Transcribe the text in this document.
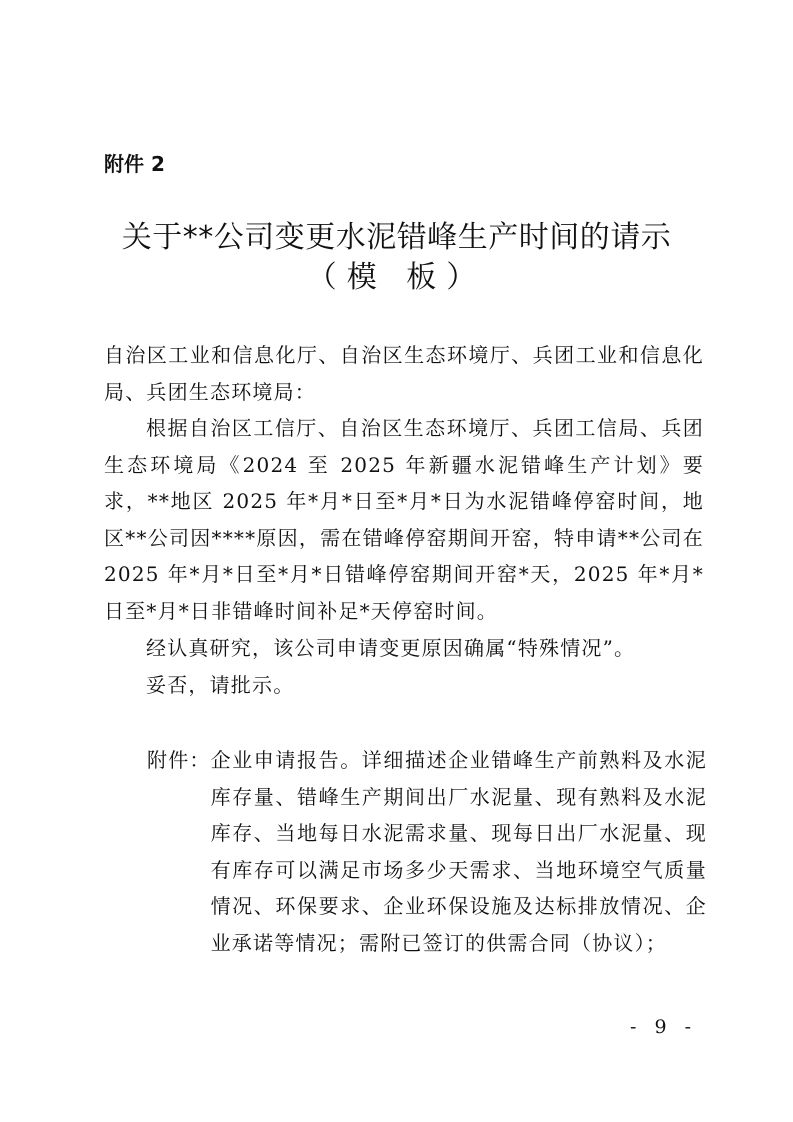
附件 2
关于**公司变更水泥错峰生产时间的请示
（模 板）

自治区工业和信息化厅、自治区生态环境厅、兵团工业和信息化局、兵团生态环境局：

根据自治区工信厅、自治区生态环境厅、兵团工信局、兵团生态环境局《2024 至 2025 年新疆水泥错峰生产计划》要求，**地区 2025 年*月*日至*月*日为水泥错峰停窑时间，地区**公司因****原因，需在错峰停窑期间开窑，特申请**公司在 2025 年*月*日至*月*日错峰停窑期间开窑*天，2025 年*月*日至*月*日非错峰时间补足*天停窑时间。

经认真研究，该公司申请变更原因确属“特殊情况”。

妥否，请批示。

附件： 企业申请报告。详细描述企业错峰生产前熟料及水泥库存量、错峰生产期间出厂水泥量、现有熟料及水泥库存、当地每日水泥需求量、现每日出厂水泥量、现有库存可以满足市场多少天需求、当地环境空气质量情况、环保要求、企业环保设施及达标排放情况、企业承诺等情况；需附已签订的供需合同（协议）；
- 9 -
